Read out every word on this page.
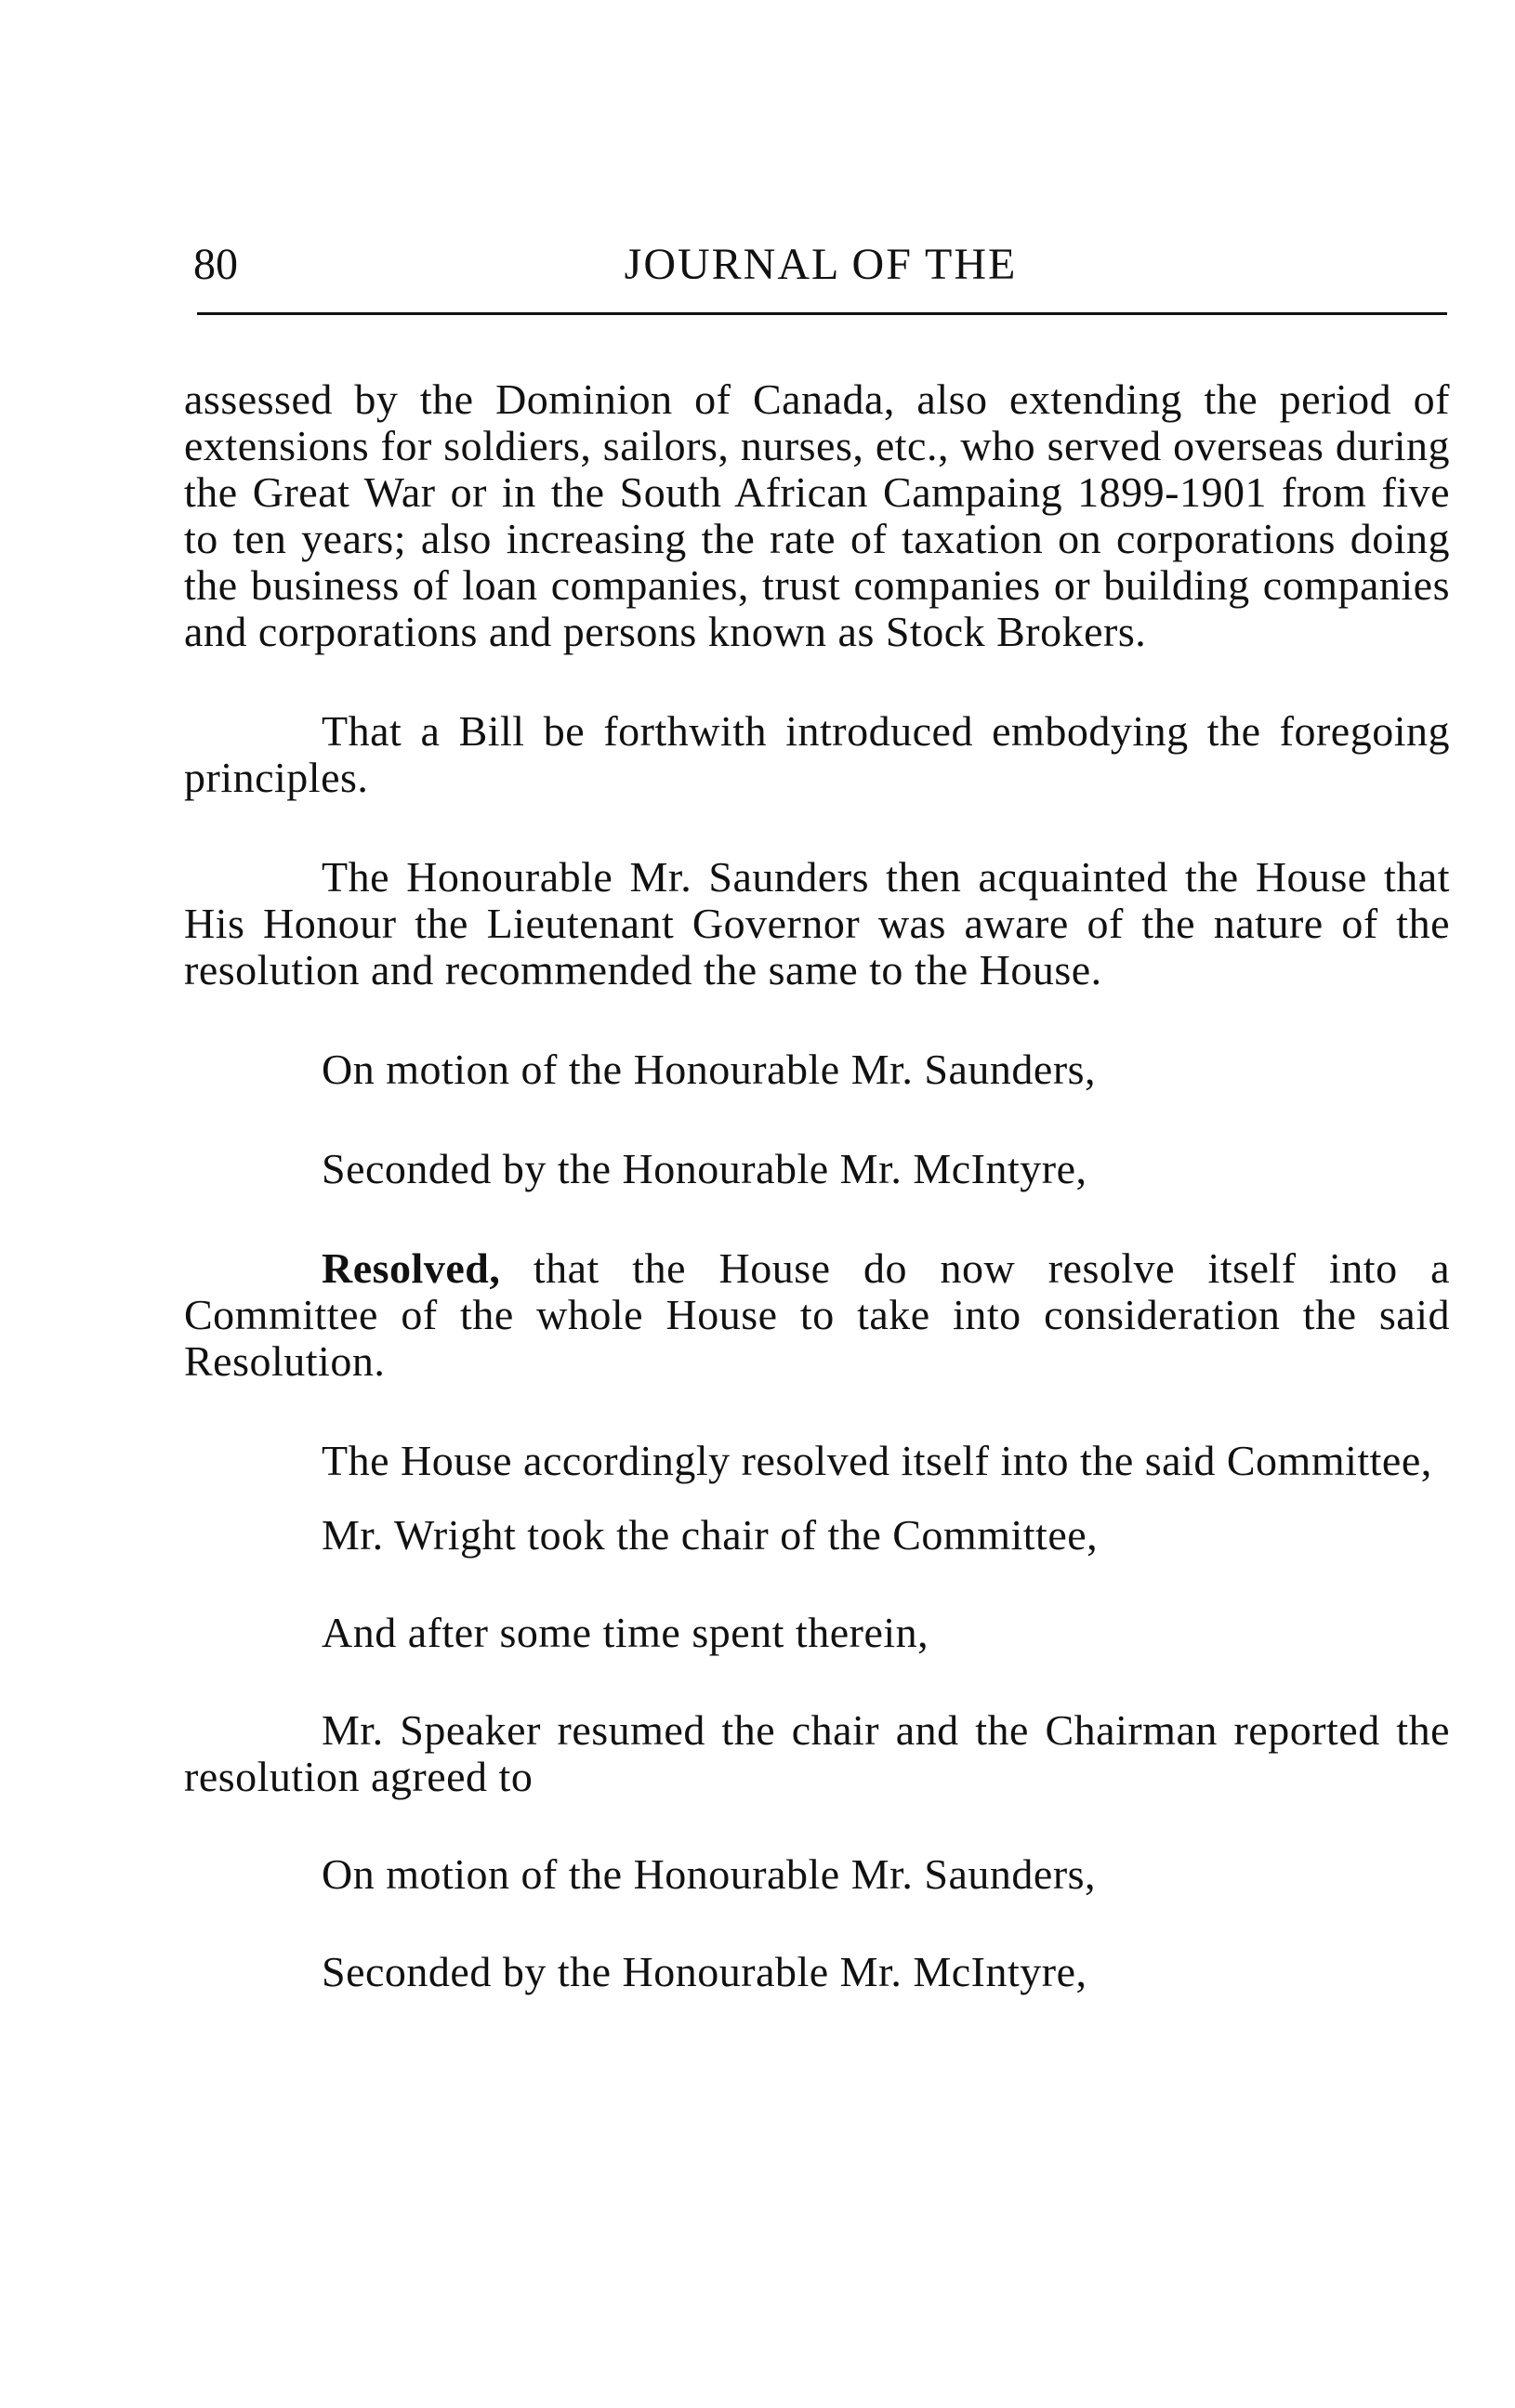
80	JOURNAL OF THE

assessed by the Dominion of Canada, also extending the period of extensions for soldiers, sailors, nurses, etc., who served overseas during the Great War or in the South African Campaing 1899-1901 from five to ten years; also increasing the rate of taxation on corporations doing the business of loan companies, trust companies or building companies and corporations and persons known as Stock Brokers.

That a Bill be forthwith introduced embodying the foregoing principles.

The Honourable Mr. Saunders then acquainted the House that His Honour the Lieutenant Governor was aware of the nature of the resolution and recommended the same to the House.

On motion of the Honourable Mr. Saunders,

Seconded by the Honourable Mr. McIntyre,

Resolved, that the House do now resolve itself into a Committee of the whole House to take into consideration the said Resolution.

The House accordingly resolved itself into the said Committee,

Mr. Wright took the chair of the Committee,

And after some time spent therein,

Mr. Speaker resumed the chair and the Chairman reported the resolution agreed to

On motion of the Honourable Mr. Saunders,

Seconded by the Honourable Mr. McIntyre,
